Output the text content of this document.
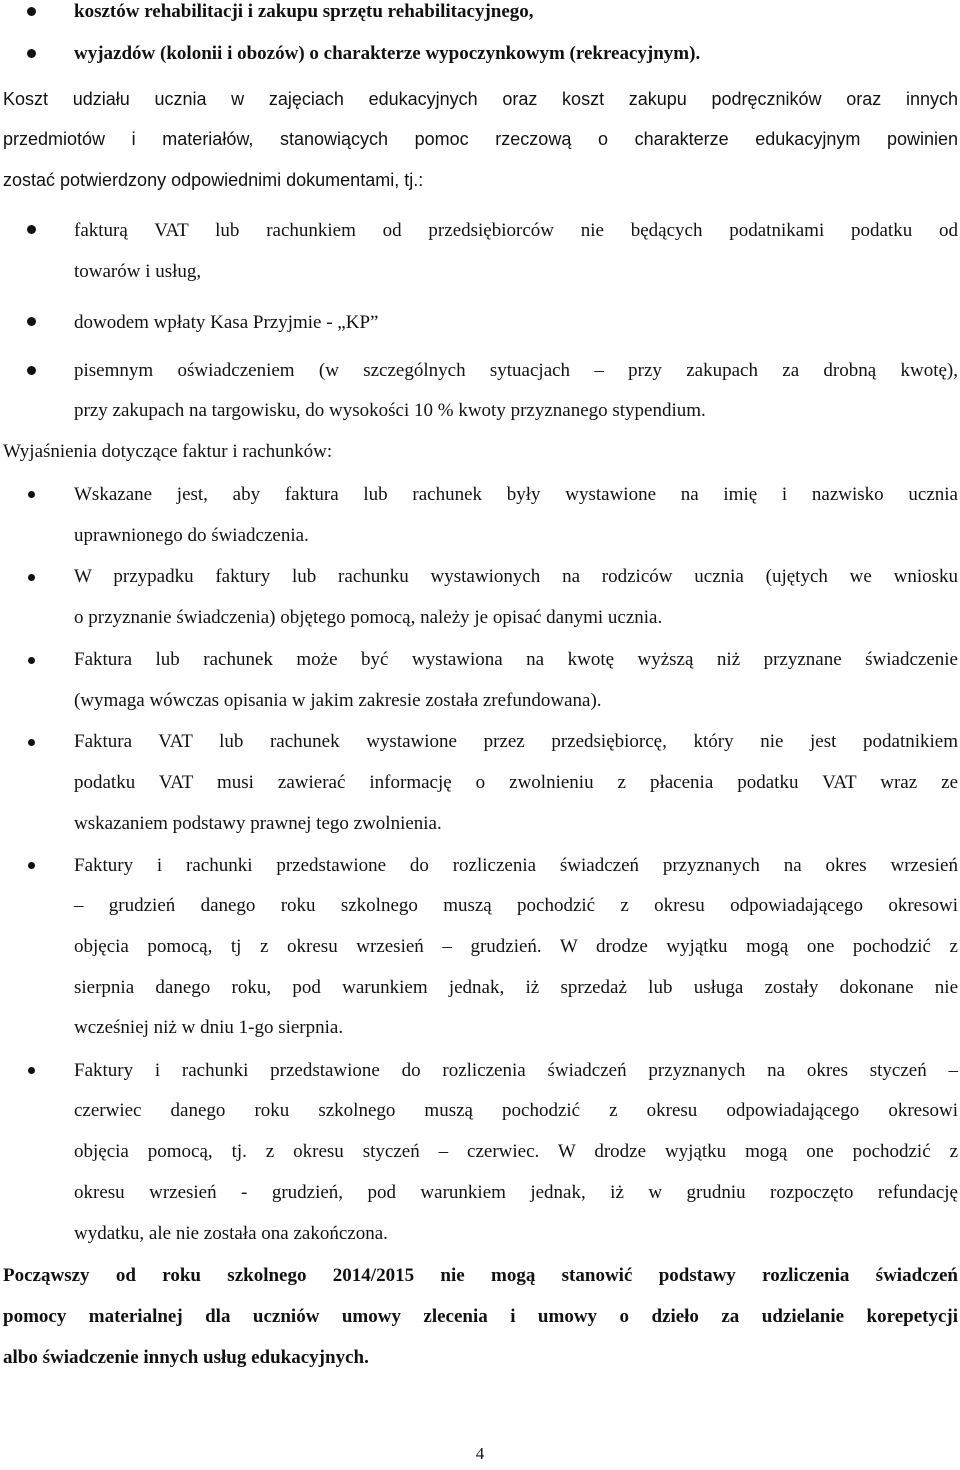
kosztów rehabilitacji i zakupu sprzętu rehabilitacyjnego,
wyjazdów (kolonii i obozów) o charakterze wypoczynkowym (rekreacyjnym).
Koszt udziału ucznia w zajęciach edukacyjnych oraz koszt zakupu podręczników oraz innych
przedmiotów i materiałów, stanowiących pomoc rzeczową o charakterze edukacyjnym powinien
zostać potwierdzony odpowiednimi dokumentami, tj.:
fakturą VAT lub rachunkiem od przedsiębiorców nie będących podatnikami podatku od
towarów i usług,
dowodem wpłaty Kasa Przyjmie - „KP”
pisemnym oświadczeniem (w szczególnych sytuacjach – przy zakupach za drobną kwotę),
przy zakupach na targowisku, do wysokości 10 % kwoty przyznanego stypendium.
Wyjaśnienia dotyczące faktur i rachunków:
Wskazane jest, aby faktura lub rachunek były wystawione na imię i nazwisko ucznia
uprawnionego do świadczenia.
W przypadku faktury lub rachunku wystawionych na rodziców ucznia (ujętych we wniosku
o przyznanie świadczenia) objętego pomocą, należy je opisać danymi ucznia.
Faktura lub rachunek może być wystawiona na kwotę wyższą niż przyznane świadczenie
(wymaga wówczas opisania w jakim zakresie została zrefundowana).
Faktura VAT lub rachunek wystawione przez przedsiębiorcę, który nie jest podatnikiem
podatku VAT musi zawierać informację o zwolnieniu z płacenia podatku VAT wraz ze
wskazaniem podstawy prawnej tego zwolnienia.
Faktury i rachunki przedstawione do rozliczenia świadczeń przyznanych na okres wrzesień
– grudzień danego roku szkolnego muszą pochodzić z okresu odpowiadającego okresowi
objęcia pomocą, tj z okresu wrzesień – grudzień. W drodze wyjątku mogą one pochodzić z
sierpnia danego roku, pod warunkiem jednak, iż sprzedaż lub usługa zostały dokonane nie
wcześniej niż w dniu 1-go sierpnia.
Faktury i rachunki przedstawione do rozliczenia świadczeń przyznanych na okres styczeń –
czerwiec danego roku szkolnego muszą pochodzić z okresu odpowiadającego okresowi
objęcia pomocą, tj. z okresu styczeń – czerwiec. W drodze wyjątku mogą one pochodzić z
okresu wrzesień - grudzień, pod warunkiem jednak, iż w grudniu rozpoczęto refundację
wydatku, ale nie została ona zakończona.
Począwszy od roku szkolnego 2014/2015 nie mogą stanowić podstawy rozliczenia świadczeń
pomocy materialnej dla uczniów umowy zlecenia i umowy o dzieło za udzielanie korepetycji
albo świadczenie innych usług edukacyjnych.
4
